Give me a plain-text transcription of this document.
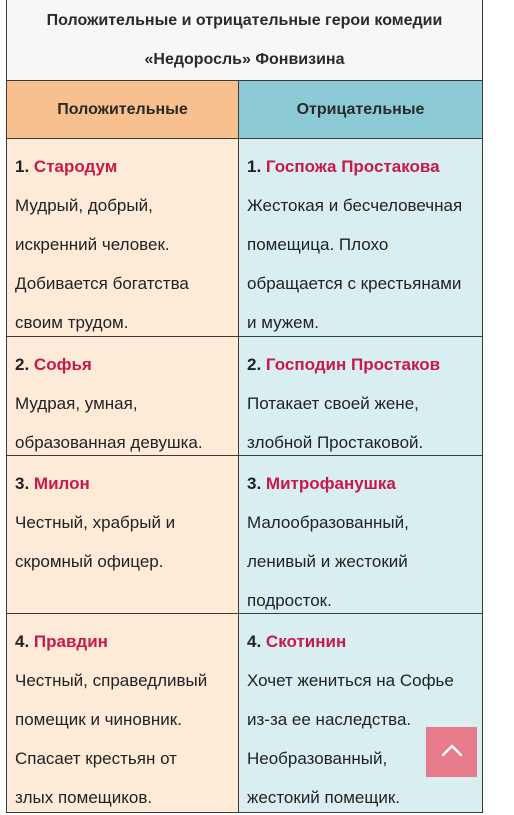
Положительные и отрицательные герои комедии
«Недоросль» Фонвизина
Положительные	Отрицательные
1. Стародум
Мудрый, добрый,
искренний человек.
Добивается богатства
своим трудом.
1. Госпожа Простакова
Жестокая и бесчеловечная
помещица. Плохо
обращается с крестьянами
и мужем.
2. Софья
Мудрая, умная,
образованная девушка.
2. Господин Простаков
Потакает своей жене,
злобной Простаковой.
3. Милон
Честный, храбрый и
скромный офицер.
3. Митрофанушка
Малообразованный,
ленивый и жестокий
подросток.
4. Правдин
Честный, справедливый
помещик и чиновник.
Спасает крестьян от
злых помещиков.
4. Скотинин
Хочет жениться на Софье
из-за ее наследства.
Необразованный,
жестокий помещик.
